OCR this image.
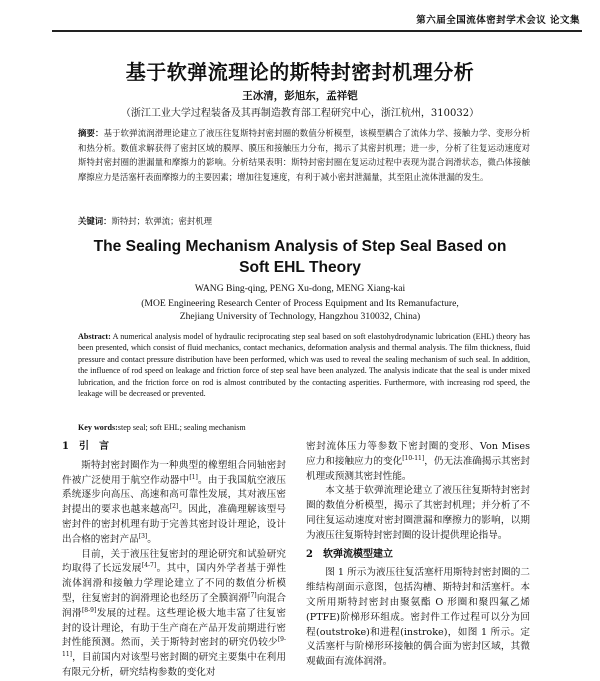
第六届全国流体密封学术会议 论文集
基于软弹流理论的斯特封密封机理分析
王冰清，彭旭东，孟祥铠
（浙江工业大学过程装备及其再制造教育部工程研究中心，浙江杭州，310032）
摘要：基于软弹流润滑理论建立了液压往复斯特封密封圈的数值分析模型，该模型耦合了流体力学、接触力学、变形分析和热分析。数值求解获得了密封区域的膜厚、膜压和接触压力分布，揭示了其密封机理；进一步，分析了往复运动速度对斯特封密封圈的泄漏量和摩擦力的影响。分析结果表明：斯特封密封圈在复运动过程中表现为混合润滑状态，微凸体接触摩擦应力是活塞杆表面摩擦力的主要因素；增加往复速度，有利于减小密封泄漏量，其至阻止流体泄漏的发生。
关键词：斯特封；软弹流；密封机理
The Sealing Mechanism Analysis of Step Seal Based on Soft EHL Theory
WANG Bing-qing, PENG Xu-dong, MENG Xiang-kai
(MOE Engineering Research Center of Process Equipment and Its Remanufacture,
Zhejiang University of Technology, Hangzhou 310032, China)
Abstract: A numerical analysis model of hydraulic reciprocating step seal based on soft elastohydrodynamic lubrication (EHL) theory has been presented, which consist of fluid mechanics, contact mechanics, deformation analysis and thermal analysis. The film thickness, fluid pressure and contact pressure distribution have been performed, which was used to reveal the sealing mechanism of such seal. In addition, the influence of rod speed on leakage and friction force of step seal have been analyzed. The analysis indicate that the seal is under mixed lubrication, and the friction force on rod is almost contributed by the contacting asperities. Furthermore, with increasing rod speed, the leakage will be decreased or prevented.
Key words:step seal; soft EHL; sealing mechanism
1　引　言

斯特封密封圈作为一种典型的橡塑组合同轴密封件被广泛使用于航空作动器中[1]。由于我国航空液压系统逐步向高压、高速和高可靠性发展，其对液压密封提出的要求也越来越高[2]。因此，准确理解该型号密封件的密封机理有助于完善其密封设计理论，设计出合格的密封产品[3]。

目前，关于液压往复密封的理论研究和试验研究均取得了长远发展[4-7]。其中，国内外学者基于弹性流体润滑和接触力学理论建立了不同的数值分析模型，往复密封的润滑理论也经历了全膜润滑[7]向混合润滑[8-9]发展的过程。这些理论极大地丰富了往复密封的设计理论，有助于生产商在产品开发前期进行密封性能预测。然而，关于斯特封密封的研究仍较少[9-11]，目前国内对该型号密封圈的研究主要集中在利用有限元分析，研究结构参数的变化对

密封流体压力等参数下密封圈的变形、Von Mises 应力和接触应力的变化[10-11]，仍无法准确揭示其密封机理或预测其密封性能。

本文基于软弹流理论建立了液压往复斯特封密封圈的数值分析模型，揭示了其密封机理；并分析了不同往复运动速度对密封圈泄漏和摩擦力的影响，以期为液压往复斯特封密封圈的设计提供理论指导。

2　软弹流模型建立

图 1 所示为液压往复活塞杆用斯特封密封圈的二维结构剖面示意图，包括沟槽、斯特封和活塞杆。本文所用斯特封密封由聚氨酯 O 形圈和聚四氟乙烯(PTFE)阶梯形环组成。密封件工作过程可以分为回程(outstroke)和进程(instroke)，如图 1 所示。定义活塞杆与阶梯形环接触的偶合面为密封区域，其微观截面有流体润滑。
